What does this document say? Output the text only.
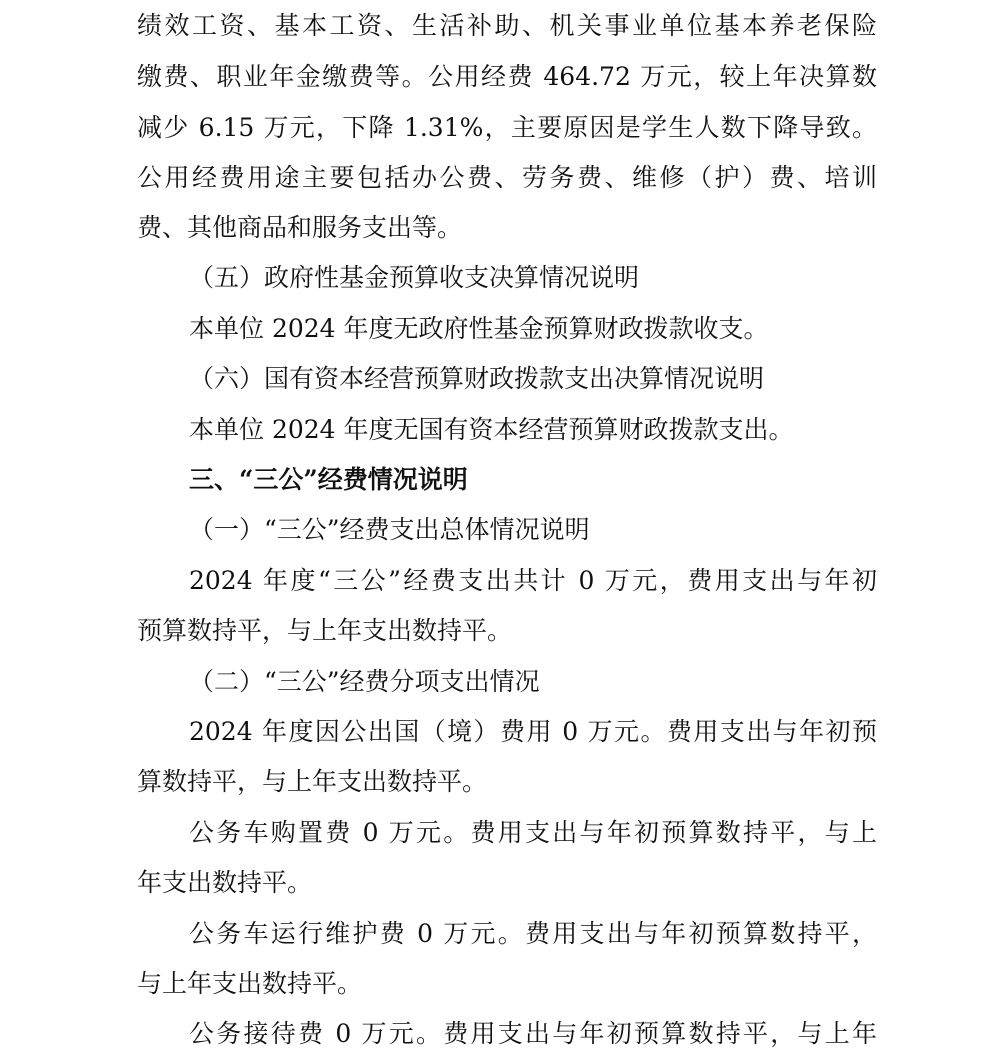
绩效工资、基本工资、生活补助、机关事业单位基本养老保险
缴费、职业年金缴费等。公用经费 464.72 万元，较上年决算数
减少 6.15 万元，下降 1.31%，主要原因是学生人数下降导致。
公用经费用途主要包括办公费、劳务费、维修（护）费、培训
费、其他商品和服务支出等。
（五）政府性基金预算收支决算情况说明
本单位 2024 年度无政府性基金预算财政拨款收支。
（六）国有资本经营预算财政拨款支出决算情况说明
本单位 2024 年度无国有资本经营预算财政拨款支出。
三、“三公”经费情况说明
（一）“三公”经费支出总体情况说明
2024 年度“三公”经费支出共计 0 万元，费用支出与年初
预算数持平，与上年支出数持平。
（二）“三公”经费分项支出情况
2024 年度因公出国（境）费用 0 万元。费用支出与年初预
算数持平，与上年支出数持平。
公务车购置费 0 万元。费用支出与年初预算数持平，与上
年支出数持平。
公务车运行维护费 0 万元。费用支出与年初预算数持平，
与上年支出数持平。
公务接待费 0 万元。费用支出与年初预算数持平，与上年
